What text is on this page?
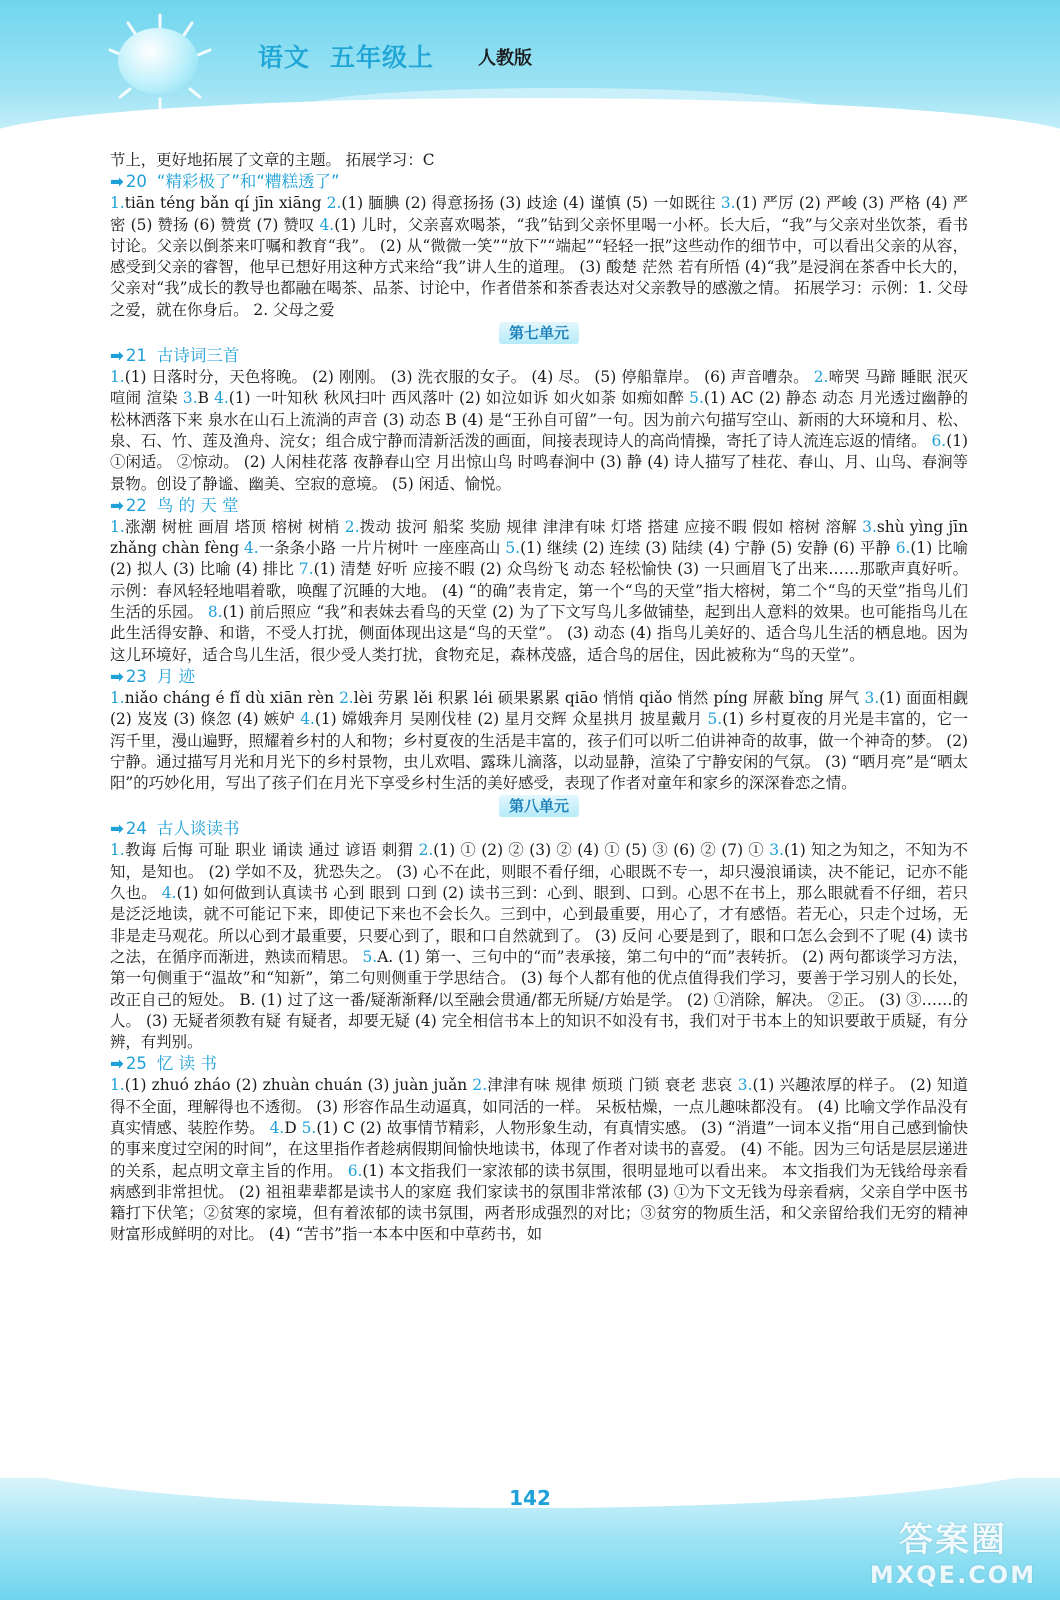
语文 五年级上 人教版

节上，更好地拓展了文章的主题。 拓展学习：C

➡ 20 “精彩极了”和“糟糕透了”

1.tiān téng bǎn qí jīn xiāng 2.(1) 腼腆 (2) 得意扬扬 (3) 歧途 (4) 谨慎 (5) 一如既往 3.(1) 严厉 (2) 严峻 (3) 严格 (4) 严密 (5) 赞扬 (6) 赞赏 (7) 赞叹 4.(1) 儿时，父亲喜欢喝茶，“我”钻到父亲怀里喝一小杯。长大后，“我”与父亲对坐饮茶，看书讨论。父亲以倒茶来叮嘱和教育“我”。 (2) 从“微微一笑”“放下”“端起”“轻轻一抿”这些动作的细节中，可以看出父亲的从容，感受到父亲的睿智，他早已想好用这种方式来给“我”讲人生的道理。 (3) 酸楚 茫然 若有所悟 (4)“我”是浸润在茶香中长大的，父亲对“我”成长的教导也都融在喝茶、品茶、讨论中，作者借茶和茶香表达对父亲教导的感激之情。 拓展学习：示例：1. 父母之爱，就在你身后。 2. 父母之爱

第七单元
➡ 21 古诗词三首

1.(1) 日落时分，天色将晚。 (2) 刚刚。 (3) 洗衣服的女子。 (4) 尽。 (5) 停船靠岸。 (6) 声音嘈杂。 2.啼哭 马蹄 睡眠 泯灭 喧闹 渲染 3.B 4.(1) 一叶知秋 秋风扫叶 西风落叶 (2) 如泣如诉 如火如荼 如痴如醉 5.(1) AC (2) 静态 动态 月光透过幽静的松林洒落下来 泉水在山石上流淌的声音 (3) 动态 B (4) 是“王孙自可留”一句。因为前六句描写空山、新雨的大环境和月、松、泉、石、竹、莲及渔舟、浣女；组合成宁静而清新活泼的画面，间接表现诗人的高尚情操，寄托了诗人流连忘返的情绪。 6.(1) ①闲适。 ②惊动。 (2) 人闲桂花落 夜静春山空 月出惊山鸟 时鸣春涧中 (3) 静 (4) 诗人描写了桂花、春山、月、山鸟、春涧等景物。创设了静谧、幽美、空寂的意境。 (5) 闲适、愉悦。

➡ 22 鸟 的 天 堂

1.涨潮 树桩 画眉 塔顶 榕树 树梢 2.拨动 拔河 船桨 奖励 规律 津津有味 灯塔 搭建 应接不暇 假如 榕树 溶解 3.shù yìng jīn zhǎng chàn fèng 4.一条条小路 一片片树叶 一座座高山 5.(1) 继续 (2) 连续 (3) 陆续 (4) 宁静 (5) 安静 (6) 平静 6.(1) 比喻 (2) 拟人 (3) 比喻 (4) 排比 7.(1) 清楚 好听 应接不暇 (2) 众鸟纷飞 动态 轻松愉快 (3) 一只画眉飞了出来……那歌声真好听。示例：春风轻轻地唱着歌，唤醒了沉睡的大地。 (4) “的确”表肯定，第一个“鸟的天堂”指大榕树，第二个“鸟的天堂”指鸟儿们生活的乐园。 8.(1) 前后照应 “我”和表妹去看鸟的天堂 (2) 为了下文写鸟儿多做铺垫，起到出人意料的效果。也可能指鸟儿在此生活得安静、和谐，不受人打扰，侧面体现出这是“鸟的天堂”。 (3) 动态 (4) 指鸟儿美好的、适合鸟儿生活的栖息地。因为这儿环境好，适合鸟儿生活，很少受人类打扰，食物充足，森林茂盛，适合鸟的居住，因此被称为“鸟的天堂”。

➡ 23 月 迹

1.niǎo cháng é fǐ dù xiān rèn 2.lèi 劳累 lěi 积累 léi 硕果累累 qiāo 悄悄 qiǎo 悄然 píng 屏蔽 bǐng 屏气 3.(1) 面面相觑 (2) 岌岌 (3) 倏忽 (4) 嫉妒 4.(1) 嫦娥奔月 吴刚伐桂 (2) 星月交辉 众星拱月 披星戴月 5.(1) 乡村夏夜的月光是丰富的，它一泻千里，漫山遍野，照耀着乡村的人和物；乡村夏夜的生活是丰富的，孩子们可以听二伯讲神奇的故事，做一个神奇的梦。 (2) 宁静。通过描写月光和月光下的乡村景物，虫儿欢唱、露珠儿滴落，以动显静，渲染了宁静安闲的气氛。 (3) “晒月亮”是“晒太阳”的巧妙化用，写出了孩子们在月光下享受乡村生活的美好感受，表现了作者对童年和家乡的深深眷恋之情。

第八单元
➡ 24 古人谈读书

1.教诲 后悔 可耻 职业 诵读 通过 谚语 刺猬 2.(1) ① (2) ② (3) ② (4) ① (5) ③ (6) ② (7) ① 3.(1) 知之为知之，不知为不知，是知也。 (2) 学如不及，犹恐失之。 (3) 心不在此，则眼不看仔细，心眼既不专一，却只漫浪诵读，决不能记，记亦不能久也。 4.(1) 如何做到认真读书 心到 眼到 口到 (2) 读书三到：心到、眼到、口到。心思不在书上，那么眼就看不仔细，若只是泛泛地读，就不可能记下来，即使记下来也不会长久。三到中，心到最重要，用心了，才有感悟。若无心，只走个过场，无非是走马观花。所以心到才最重要，只要心到了，眼和口自然就到了。 (3) 反问 心要是到了，眼和口怎么会到不了呢 (4) 读书之法，在循序而渐进，熟读而精思。 5.A. (1) 第一、三句中的“而”表承接，第二句中的“而”表转折。 (2) 两句都谈学习方法，第一句侧重于“温故”和“知新”，第二句则侧重于学思结合。 (3) 每个人都有他的优点值得我们学习，要善于学习别人的长处，改正自己的短处。 B. (1) 过了这一番/疑渐渐释/以至融会贯通/都无所疑/方始是学。 (2) ①消除，解决。 ②正。 (3) ③……的人。 (3) 无疑者须教有疑 有疑者，却要无疑 (4) 完全相信书本上的知识不如没有书，我们对于书本上的知识要敢于质疑，有分辨，有判别。

➡ 25 忆 读 书

1.(1) zhuó zháo (2) zhuàn chuán (3) juàn juǎn 2.津津有味 规律 烦琐 门锁 衰老 悲哀 3.(1) 兴趣浓厚的样子。 (2) 知道得不全面，理解得也不透彻。 (3) 形容作品生动逼真，如同活的一样。 呆板枯燥，一点儿趣味都没有。 (4) 比喻文学作品没有真实情感、装腔作势。 4.D 5.(1) C (2) 故事情节精彩，人物形象生动，有真情实感。 (3) “消遣”一词本义指“用自己感到愉快的事来度过空闲的时间”，在这里指作者趁病假期间愉快地读书，体现了作者对读书的喜爱。 (4) 不能。因为三句话是层层递进的关系，起点明文章主旨的作用。 6.(1) 本文指我们一家浓郁的读书氛围，很明显地可以看出来。 本文指我们为无钱给母亲看病感到非常担忧。 (2) 祖祖辈辈都是读书人的家庭 我们家读书的氛围非常浓郁 (3) ①为下文无钱为母亲看病，父亲自学中医书籍打下伏笔；②贫寒的家境，但有着浓郁的读书氛围，两者形成强烈的对比；③贫穷的物质生活，和父亲留给我们无穷的精神财富形成鲜明的对比。 (4) “苦书”指一本本中医和中草药书，如

142
答案圈
MXQE.COM
